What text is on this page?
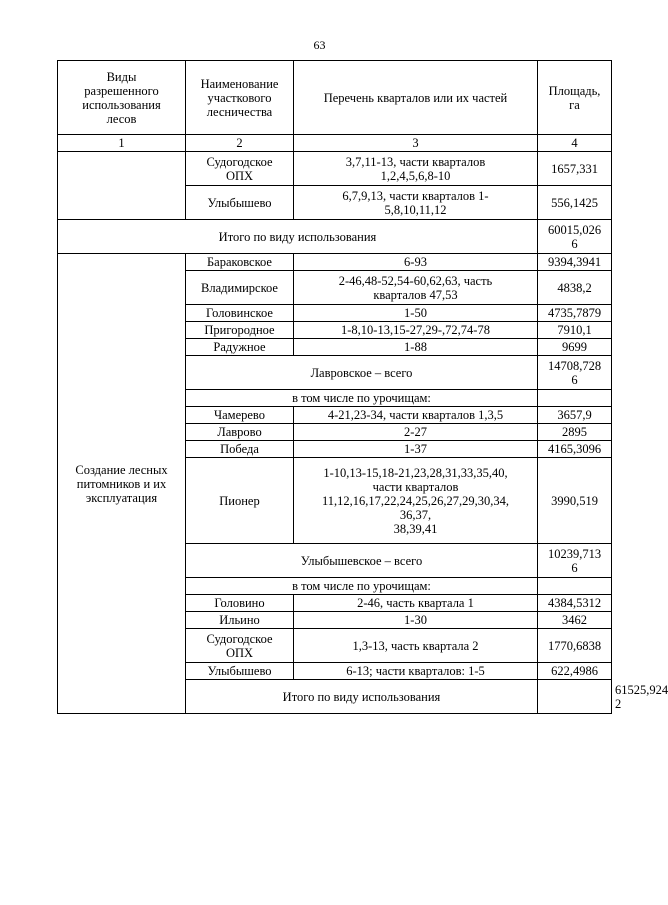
63
Виды
разрешенного
использования
лесов	Наименование
участкового
лесничества	Перечень кварталов или их частей	Площадь,
га	
1	2	3	4	
	Судогодское
ОПХ	3,7,11-13, части кварталов
1,2,4,5,6,8-10	1657,331	
	Улыбышево	6,7,9,13, части кварталов 1-
5,8,10,11,12	556,1425	
Итого по виду использования			60015,026
6	
Создание лесных
питомников и их
эксплуатация	Бараковское	6-93	9394,3941	
	Владимирское	2-46,48-52,54-60,62,63, часть
кварталов 47,53	4838,2	
	Головинское	1-50	4735,7879	
	Пригородное	1-8,10-13,15-27,29-,72,74-78	7910,1	
	Радужное	1-88	9699	
	Лавровское – всего		14708,728
6	
	в том числе по урочищам:			
	Чамерево	4-21,23-34, части кварталов 1,3,5	3657,9	
	Лаврово	2-27	2895	
	Победа	1-37	4165,3096	
	Пионер	1-10,13-15,18-21,23,28,31,33,35,40,
части кварталов
11,12,16,17,22,24,25,26,27,29,30,34,
36,37,
38,39,41	3990,519	
	Улыбышевское – всего		10239,713
6	
	в том числе по урочищам:			
	Головино	2-46, часть квартала 1	4384,5312	
	Ильино	1-30	3462	
	Судогодское
ОПХ	1,3-13, часть квартала 2	1770,6838	
	Улыбышево	6-13; части кварталов: 1-5	622,4986	
	Итого по виду использования			61525,924
2
